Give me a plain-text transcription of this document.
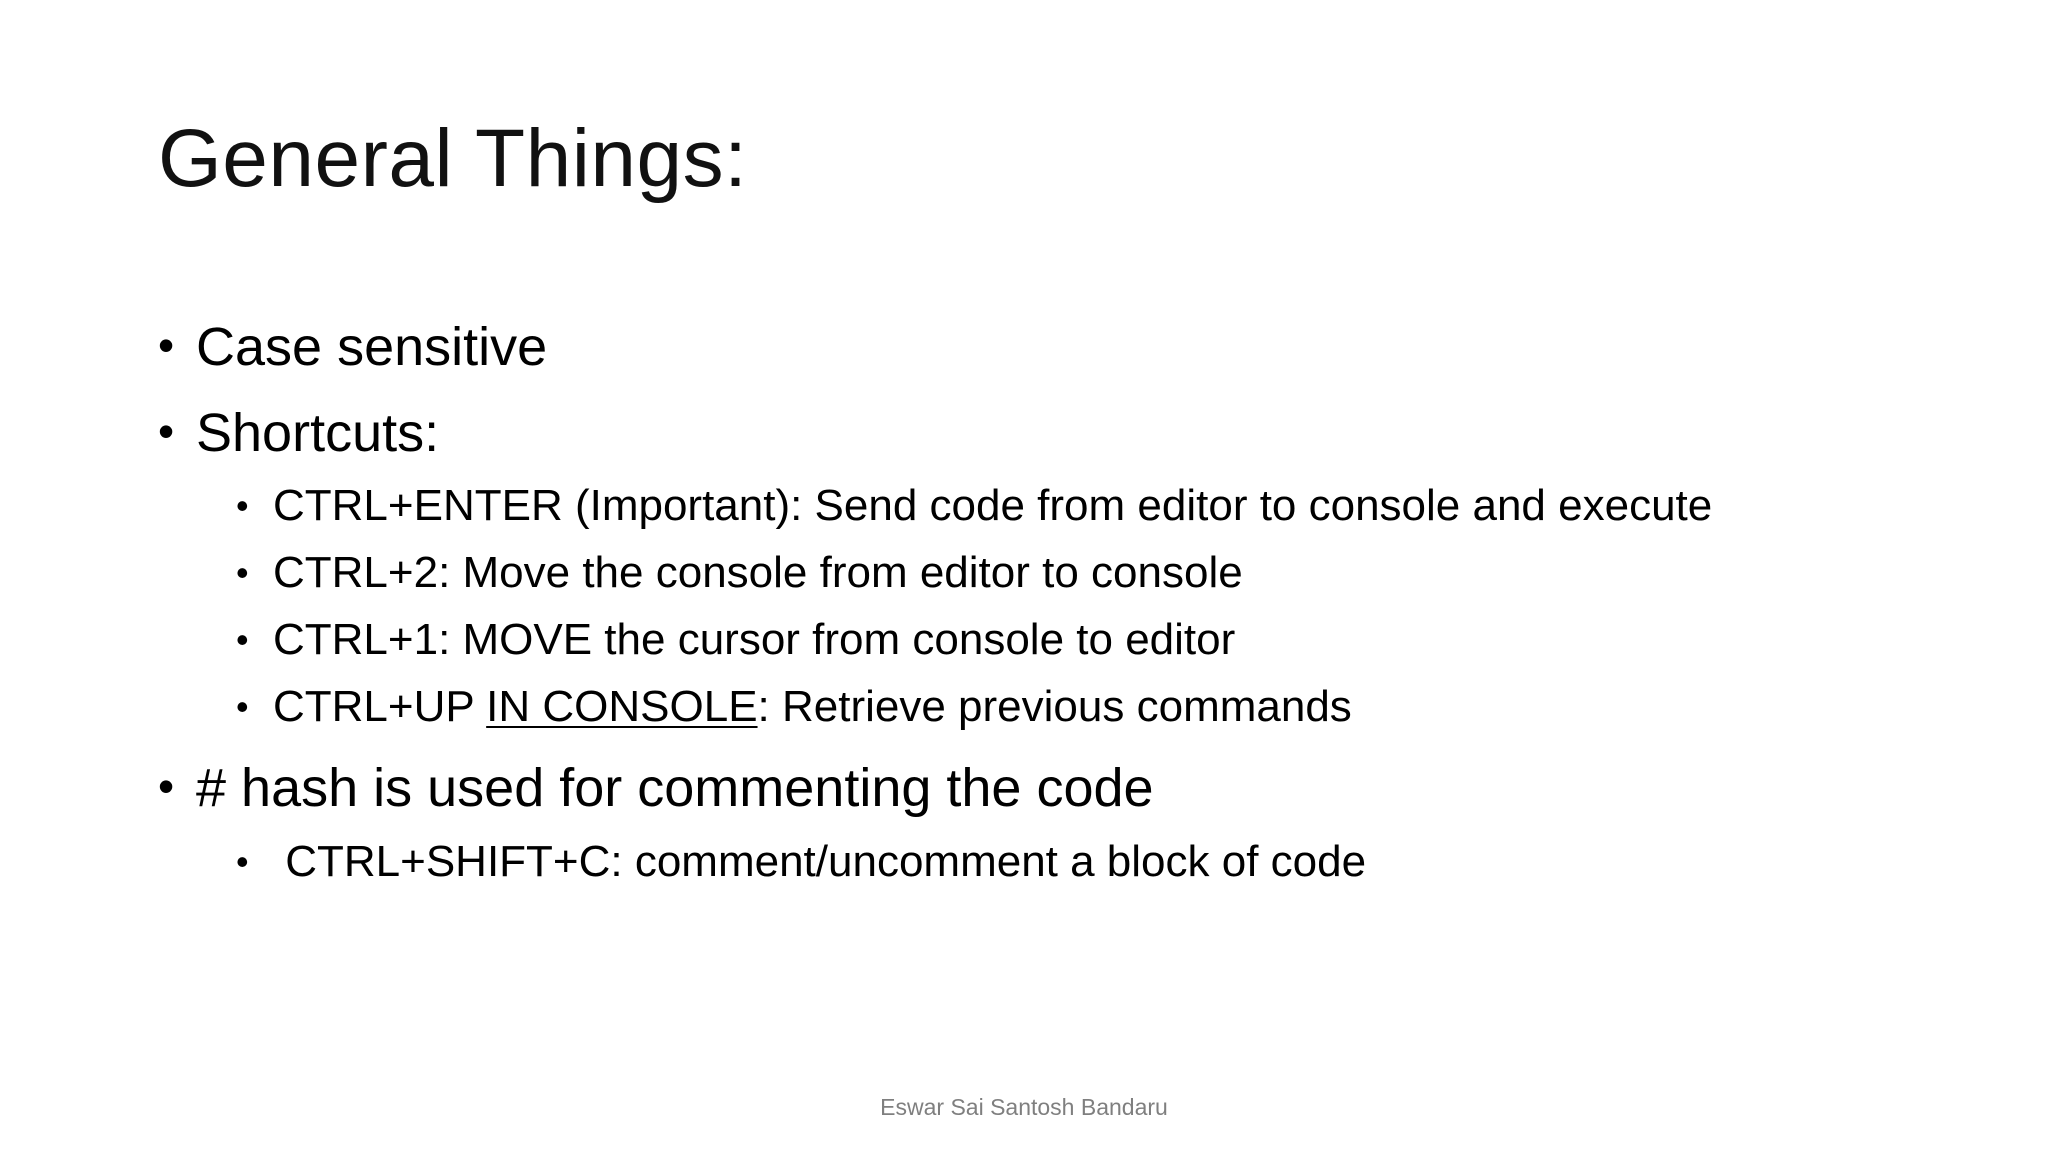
General Things:
• Case sensitive
• Shortcuts:
• CTRL+ENTER (Important): Send code from editor to console and execute
• CTRL+2: Move the console from editor to console
• CTRL+1: MOVE the cursor from console to editor
• CTRL+UP IN CONSOLE: Retrieve previous commands
• # hash is used for commenting the code
• CTRL+SHIFT+C: comment/uncomment a block of code
Eswar Sai Santosh Bandaru
